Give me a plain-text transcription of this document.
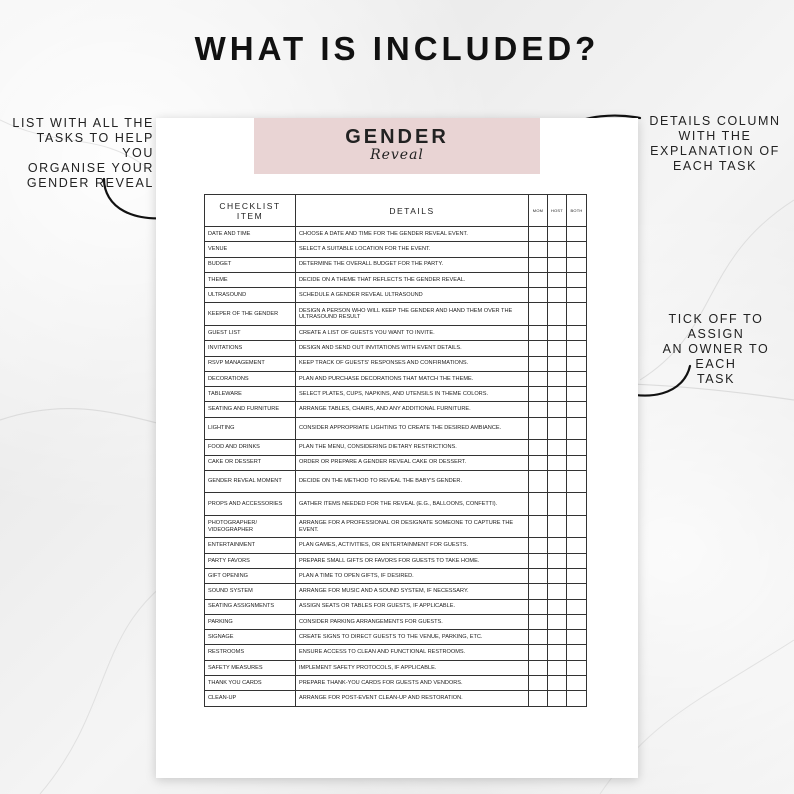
WHAT IS INCLUDED?
LIST WITH ALL THE
TASKS TO HELP YOU
ORGANISE YOUR
GENDER REVEAL
DETAILS COLUMN
WITH THE
EXPLANATION OF
EACH TASK
TICK OFF TO ASSIGN
AN OWNER TO EACH
TASK
GENDER
Reveal
CHECKLIST ITEM	DETAILS	MOM	HOST	BOTH
DATE AND TIME	CHOOSE A DATE AND TIME FOR THE GENDER REVEAL EVENT.			
VENUE	SELECT A SUITABLE LOCATION FOR THE EVENT.			
BUDGET	DETERMINE THE OVERALL BUDGET FOR THE PARTY.			
THEME	DECIDE ON A THEME THAT REFLECTS THE GENDER REVEAL.			
ULTRASOUND	SCHEDULE A GENDER REVEAL ULTRASOUND			
KEEPER OF THE GENDER	DESIGN A PERSON WHO WILL KEEP THE GENDER AND HAND THEM OVER THE ULTRASOUND RESULT			
GUEST LIST	CREATE A LIST OF GUESTS YOU WANT TO INVITE.			
INVITATIONS	DESIGN AND SEND OUT INVITATIONS WITH EVENT DETAILS.			
RSVP MANAGEMENT	KEEP TRACK OF GUESTS' RESPONSES AND CONFIRMATIONS.			
DECORATIONS	PLAN AND PURCHASE DECORATIONS THAT MATCH THE THEME.			
TABLEWARE	SELECT PLATES, CUPS, NAPKINS, AND UTENSILS IN THEME COLORS.			
SEATING AND FURNITURE	ARRANGE TABLES, CHAIRS, AND ANY ADDITIONAL FURNITURE.			
LIGHTING	CONSIDER APPROPRIATE LIGHTING TO CREATE THE DESIRED AMBIANCE.			
FOOD AND DRINKS	PLAN THE MENU, CONSIDERING DIETARY RESTRICTIONS.			
CAKE OR DESSERT	ORDER OR PREPARE A GENDER REVEAL CAKE OR DESSERT.			
GENDER REVEAL MOMENT	DECIDE ON THE METHOD TO REVEAL THE BABY'S GENDER.			
PROPS AND ACCESSORIES	GATHER ITEMS NEEDED FOR THE REVEAL (E.G., BALLOONS, CONFETTI).			
PHOTOGRAPHER/ VIDEOGRAPHER	ARRANGE FOR A PROFESSIONAL OR DESIGNATE SOMEONE TO CAPTURE THE EVENT.			
ENTERTAINMENT	PLAN GAMES, ACTIVITIES, OR ENTERTAINMENT FOR GUESTS.			
PARTY FAVORS	PREPARE SMALL GIFTS OR FAVORS FOR GUESTS TO TAKE HOME.			
GIFT OPENING	PLAN A TIME TO OPEN GIFTS, IF DESIRED.			
SOUND SYSTEM	ARRANGE FOR MUSIC AND A SOUND SYSTEM, IF NECESSARY.			
SEATING ASSIGNMENTS	ASSIGN SEATS OR TABLES FOR GUESTS, IF APPLICABLE.			
PARKING	CONSIDER PARKING ARRANGEMENTS FOR GUESTS.			
SIGNAGE	CREATE SIGNS TO DIRECT GUESTS TO THE VENUE, PARKING, ETC.			
RESTROOMS	ENSURE ACCESS TO CLEAN AND FUNCTIONAL RESTROOMS.			
SAFETY MEASURES	IMPLEMENT SAFETY PROTOCOLS, IF APPLICABLE.			
THANK YOU CARDS	PREPARE THANK-YOU CARDS FOR GUESTS AND VENDORS.			
CLEAN-UP	ARRANGE FOR POST-EVENT CLEAN-UP AND RESTORATION.			
